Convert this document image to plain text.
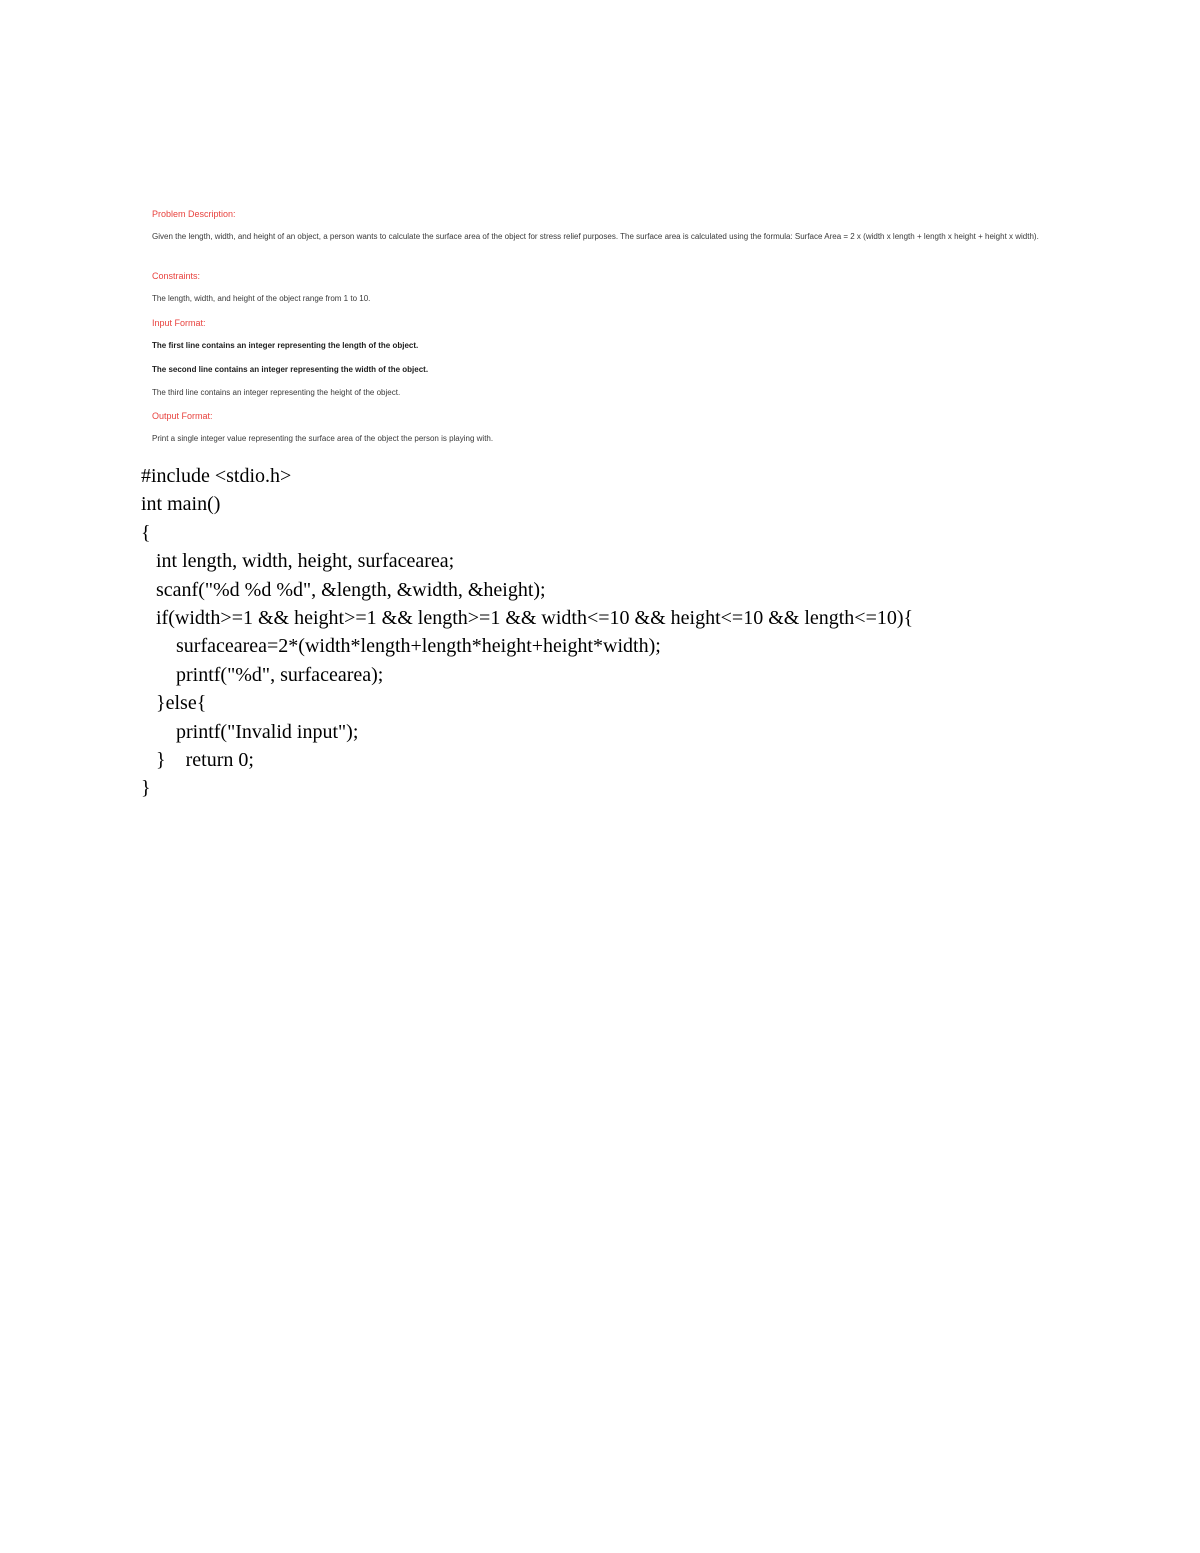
Problem Description:

Given the length, width, and height of an object, a person wants to calculate the surface area of the object for stress relief purposes. The surface area is calculated using the formula: Surface Area = 2 x (width x length + length x height + height x width).

Constraints:

The length, width, and height of the object range from 1 to 10.

Input Format:

The first line contains an integer representing the length of the object.

The second line contains an integer representing the width of the object.

The third line contains an integer representing the height of the object.

Output Format:

Print a single integer value representing the surface area of the object the person is playing with.

#include <stdio.h>
int main()
{
int length, width, height, surfacearea;
scanf("%d %d %d", &length, &width, &height);
if(width>=1 && height>=1 && length>=1 && width<=10 && height<=10 && length<=10){
surfacearea=2*(width*length+length*height+height*width);
printf("%d", surfacearea);
}else{
printf("Invalid input");
}    return 0;
}
